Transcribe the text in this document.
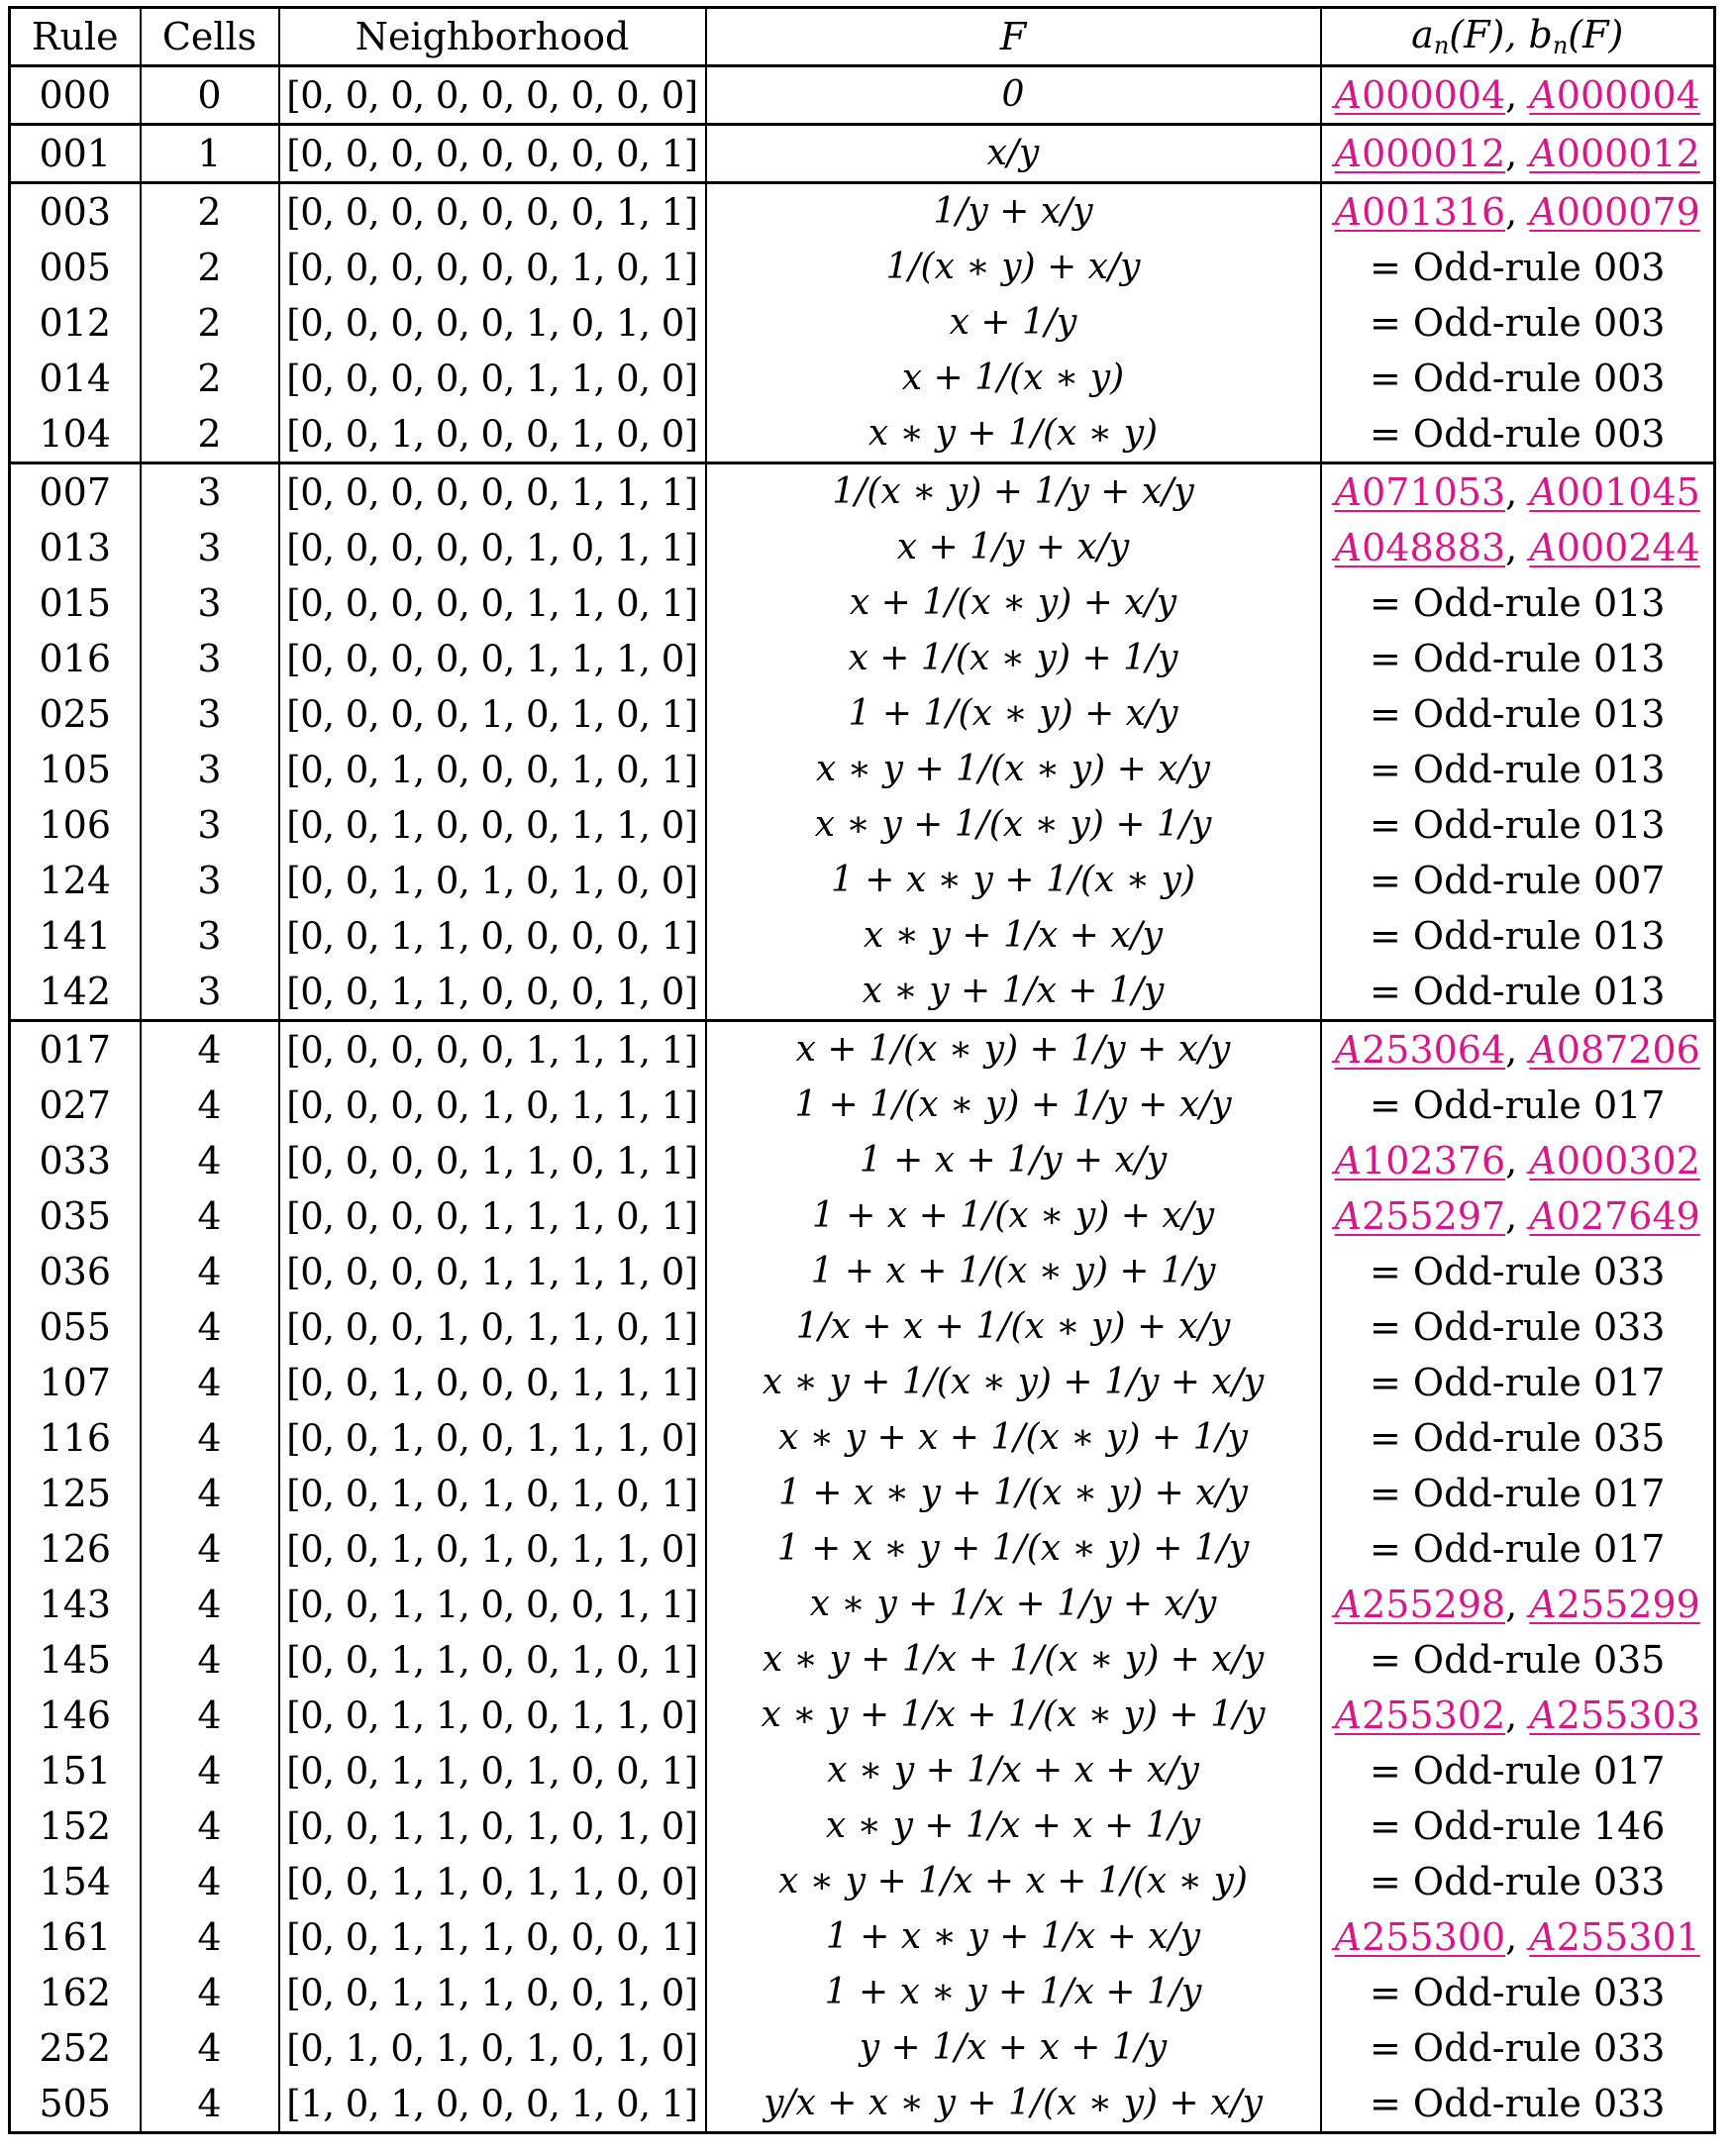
Rule	Cells	Neighborhood	F	$a_n(F)$, $b_n(F)$
000	0	[0, 0, 0, 0, 0, 0, 0, 0, 0]	0	A000004, A000004
001	1	[0, 0, 0, 0, 0, 0, 0, 0, 1]	x/y	A000012, A000012
003	2	[0, 0, 0, 0, 0, 0, 0, 1, 1]	1/y + x/y	A001316, A000079
005	2	[0, 0, 0, 0, 0, 0, 1, 0, 1]	1/(x ∗ y) + x/y	= Odd-rule 003
012	2	[0, 0, 0, 0, 0, 1, 0, 1, 0]	x + 1/y	= Odd-rule 003
014	2	[0, 0, 0, 0, 0, 1, 1, 0, 0]	x + 1/(x ∗ y)	= Odd-rule 003
104	2	[0, 0, 1, 0, 0, 0, 1, 0, 0]	x ∗ y + 1/(x ∗ y)	= Odd-rule 003
007	3	[0, 0, 0, 0, 0, 0, 1, 1, 1]	1/(x ∗ y) + 1/y + x/y	A071053, A001045
013	3	[0, 0, 0, 0, 0, 1, 0, 1, 1]	x + 1/y + x/y	A048883, A000244
015	3	[0, 0, 0, 0, 0, 1, 1, 0, 1]	x + 1/(x ∗ y) + x/y	= Odd-rule 013
016	3	[0, 0, 0, 0, 0, 1, 1, 1, 0]	x + 1/(x ∗ y) + 1/y	= Odd-rule 013
025	3	[0, 0, 0, 0, 1, 0, 1, 0, 1]	1 + 1/(x ∗ y) + x/y	= Odd-rule 013
105	3	[0, 0, 1, 0, 0, 0, 1, 0, 1]	x ∗ y + 1/(x ∗ y) + x/y	= Odd-rule 013
106	3	[0, 0, 1, 0, 0, 0, 1, 1, 0]	x ∗ y + 1/(x ∗ y) + 1/y	= Odd-rule 013
124	3	[0, 0, 1, 0, 1, 0, 1, 0, 0]	1 + x ∗ y + 1/(x ∗ y)	= Odd-rule 007
141	3	[0, 0, 1, 1, 0, 0, 0, 0, 1]	x ∗ y + 1/x + x/y	= Odd-rule 013
142	3	[0, 0, 1, 1, 0, 0, 0, 1, 0]	x ∗ y + 1/x + 1/y	= Odd-rule 013
017	4	[0, 0, 0, 0, 0, 1, 1, 1, 1]	x + 1/(x ∗ y) + 1/y + x/y	A253064, A087206
027	4	[0, 0, 0, 0, 1, 0, 1, 1, 1]	1 + 1/(x ∗ y) + 1/y + x/y	= Odd-rule 017
033	4	[0, 0, 0, 0, 1, 1, 0, 1, 1]	1 + x + 1/y + x/y	A102376, A000302
035	4	[0, 0, 0, 0, 1, 1, 1, 0, 1]	1 + x + 1/(x ∗ y) + x/y	A255297, A027649
036	4	[0, 0, 0, 0, 1, 1, 1, 1, 0]	1 + x + 1/(x ∗ y) + 1/y	= Odd-rule 033
055	4	[0, 0, 0, 1, 0, 1, 1, 0, 1]	1/x + x + 1/(x ∗ y) + x/y	= Odd-rule 033
107	4	[0, 0, 1, 0, 0, 0, 1, 1, 1]	x ∗ y + 1/(x ∗ y) + 1/y + x/y	= Odd-rule 017
116	4	[0, 0, 1, 0, 0, 1, 1, 1, 0]	x ∗ y + x + 1/(x ∗ y) + 1/y	= Odd-rule 035
125	4	[0, 0, 1, 0, 1, 0, 1, 0, 1]	1 + x ∗ y + 1/(x ∗ y) + x/y	= Odd-rule 017
126	4	[0, 0, 1, 0, 1, 0, 1, 1, 0]	1 + x ∗ y + 1/(x ∗ y) + 1/y	= Odd-rule 017
143	4	[0, 0, 1, 1, 0, 0, 0, 1, 1]	x ∗ y + 1/x + 1/y + x/y	A255298, A255299
145	4	[0, 0, 1, 1, 0, 0, 1, 0, 1]	x ∗ y + 1/x + 1/(x ∗ y) + x/y	= Odd-rule 035
146	4	[0, 0, 1, 1, 0, 0, 1, 1, 0]	x ∗ y + 1/x + 1/(x ∗ y) + 1/y	A255302, A255303
151	4	[0, 0, 1, 1, 0, 1, 0, 0, 1]	x ∗ y + 1/x + x + x/y	= Odd-rule 017
152	4	[0, 0, 1, 1, 0, 1, 0, 1, 0]	x ∗ y + 1/x + x + 1/y	= Odd-rule 146
154	4	[0, 0, 1, 1, 0, 1, 1, 0, 0]	x ∗ y + 1/x + x + 1/(x ∗ y)	= Odd-rule 033
161	4	[0, 0, 1, 1, 1, 0, 0, 0, 1]	1 + x ∗ y + 1/x + x/y	A255300, A255301
162	4	[0, 0, 1, 1, 1, 0, 0, 1, 0]	1 + x ∗ y + 1/x + 1/y	= Odd-rule 033
252	4	[0, 1, 0, 1, 0, 1, 0, 1, 0]	y + 1/x + x + 1/y	= Odd-rule 033
505	4	[1, 0, 1, 0, 0, 0, 1, 0, 1]	y/x + x ∗ y + 1/(x ∗ y) + x/y	= Odd-rule 033
